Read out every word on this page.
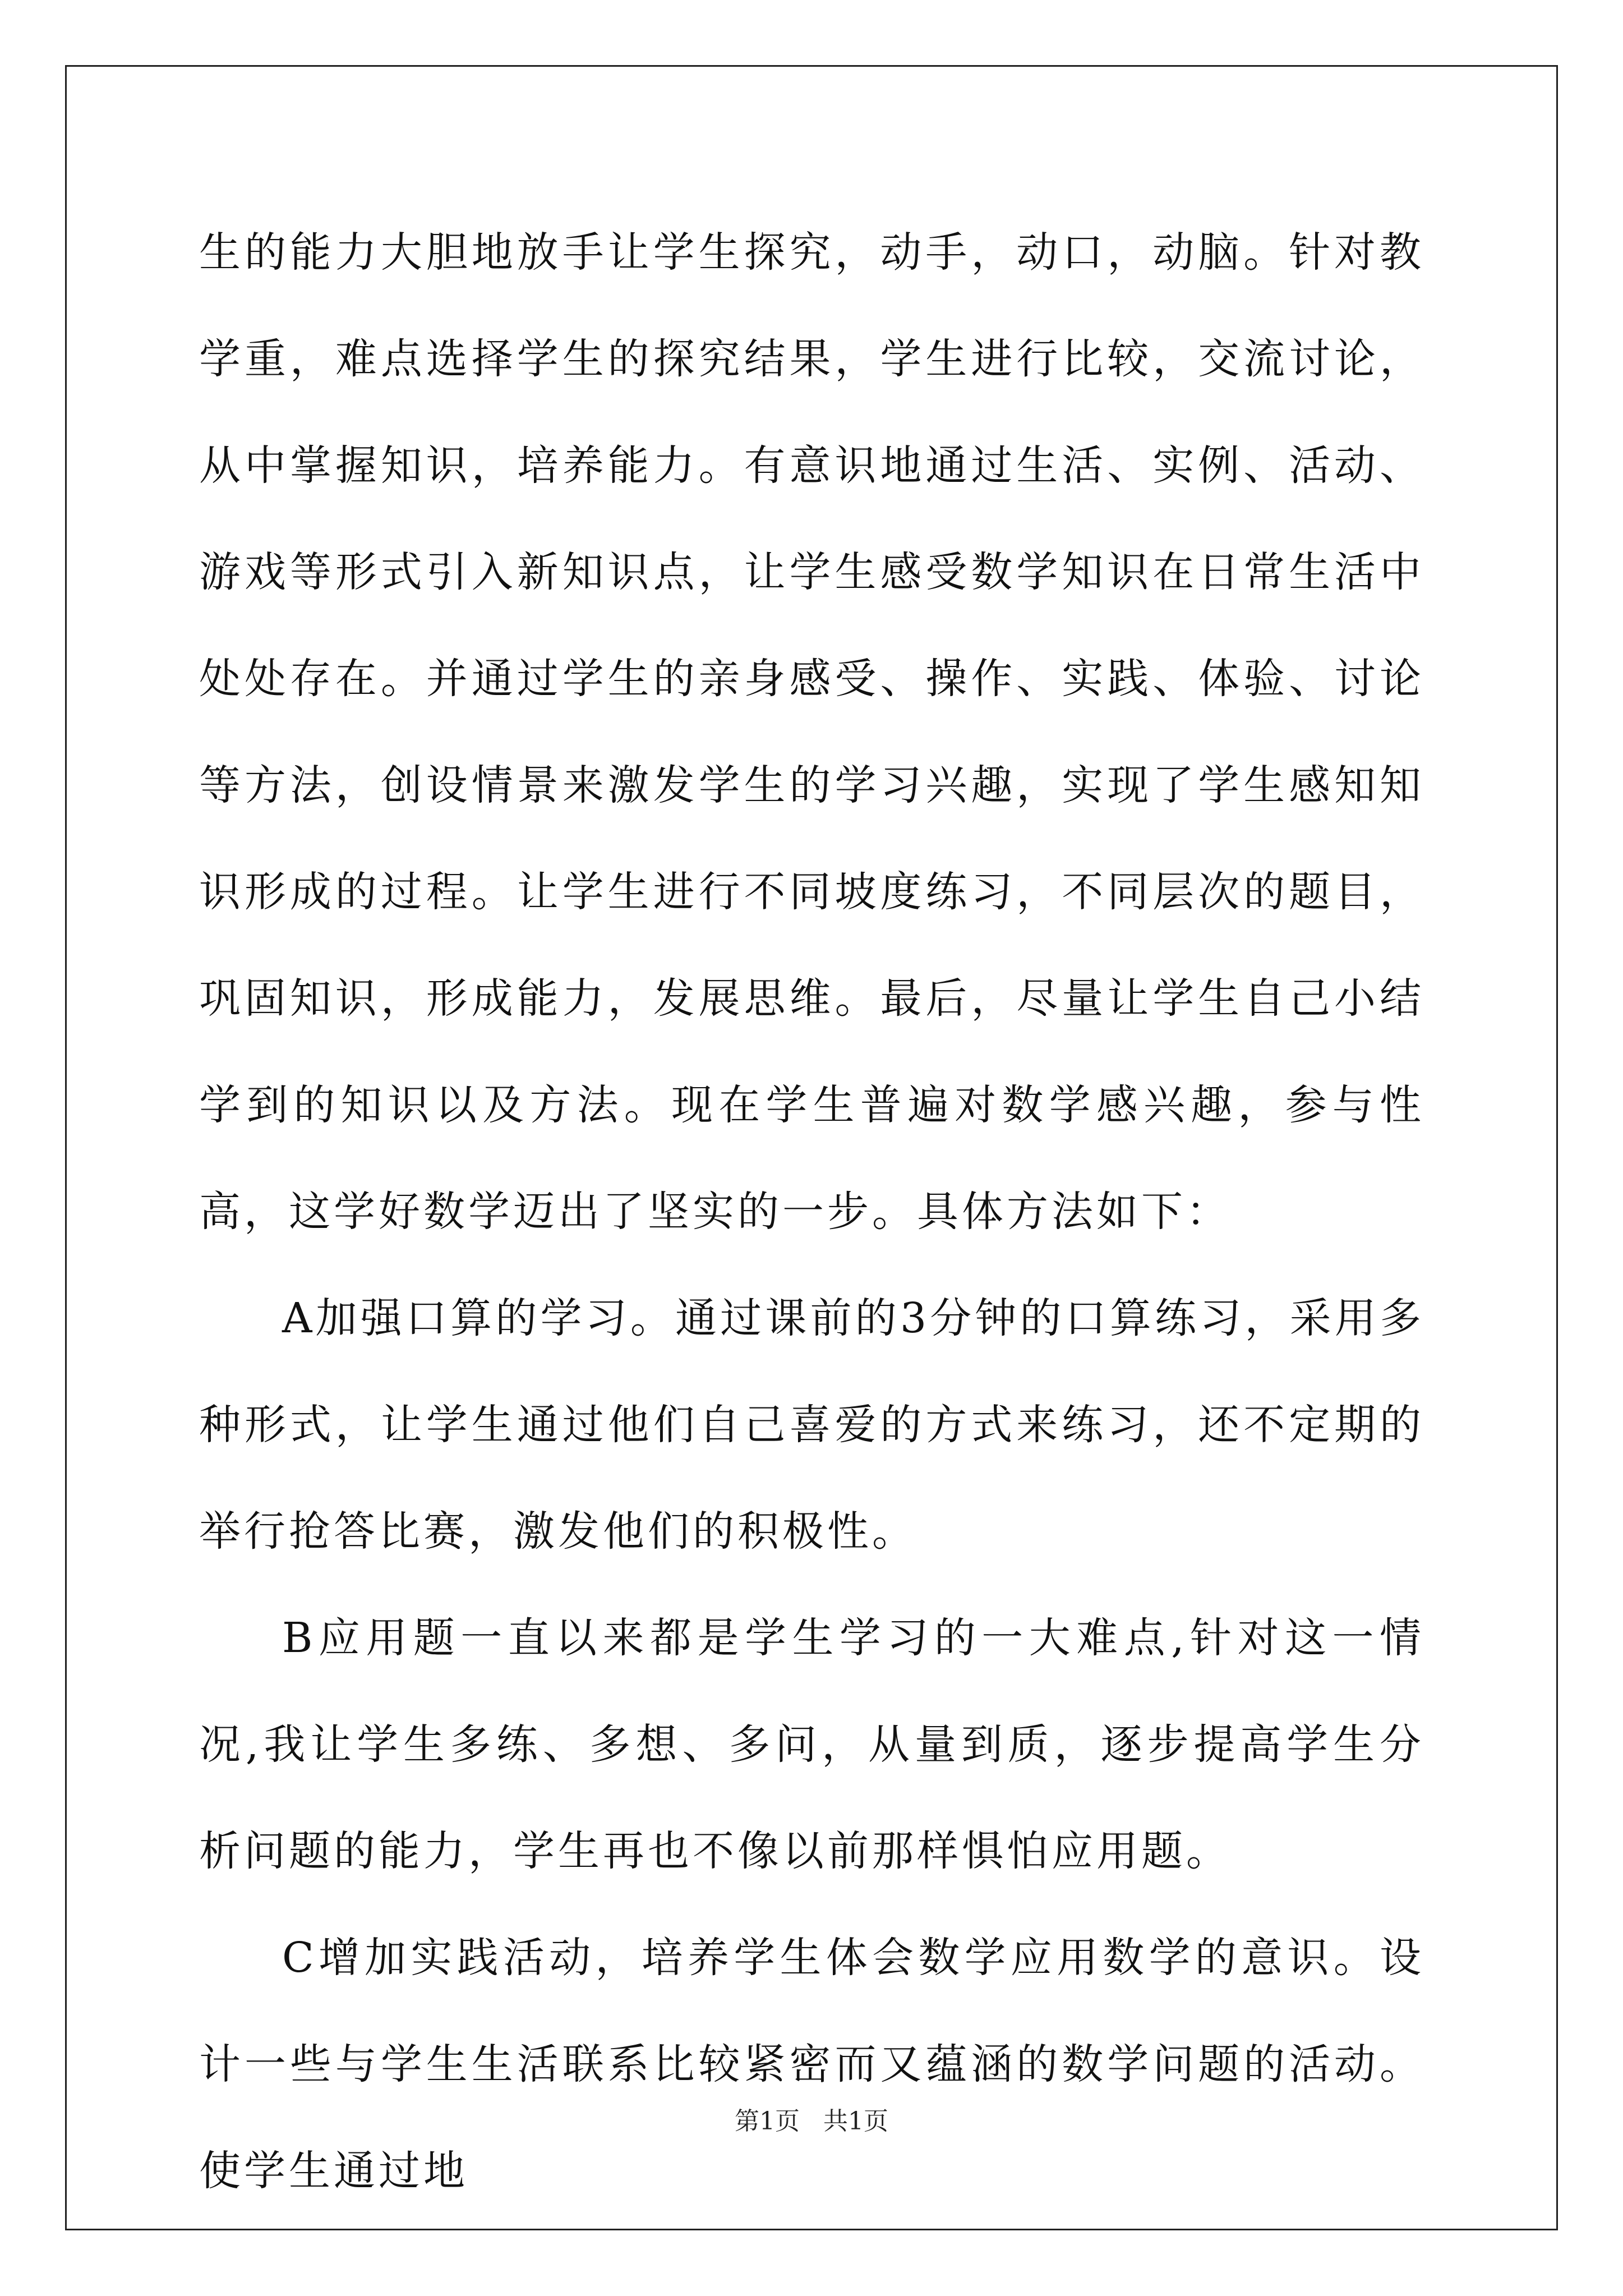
生的能力大胆地放手让学生探究，动手，动口，动脑。针对教学重，难点选择学生的探究结果，学生进行比较，交流讨论，从中掌握知识，培养能力。有意识地通过生活、实例、活动、游戏等形式引入新知识点，让学生感受数学知识在日常生活中处处存在。并通过学生的亲身感受、操作、实践、体验、讨论等方法，创设情景来激发学生的学习兴趣，实现了学生感知知识形成的过程。让学生进行不同坡度练习，不同层次的题目，巩固知识，形成能力，发展思维。最后，尽量让学生自己小结学到的知识以及方法。现在学生普遍对数学感兴趣，参与性高，这学好数学迈出了坚实的一步。具体方法如下：

A加强口算的学习。通过课前的3分钟的口算练习，采用多种形式，让学生通过他们自己喜爱的方式来练习，还不定期的举行抢答比赛，激发他们的积极性。

B应用题一直以来都是学生学习的一大难点,针对这一情况,我让学生多练、多想、多问，从量到质，逐步提高学生分析问题的能力，学生再也不像以前那样惧怕应用题。

C增加实践活动，培养学生体会数学应用数学的意识。设计一些与学生生活联系比较紧密而又蕴涵的数学问题的活动。使学生通过地

第1页   共1页
